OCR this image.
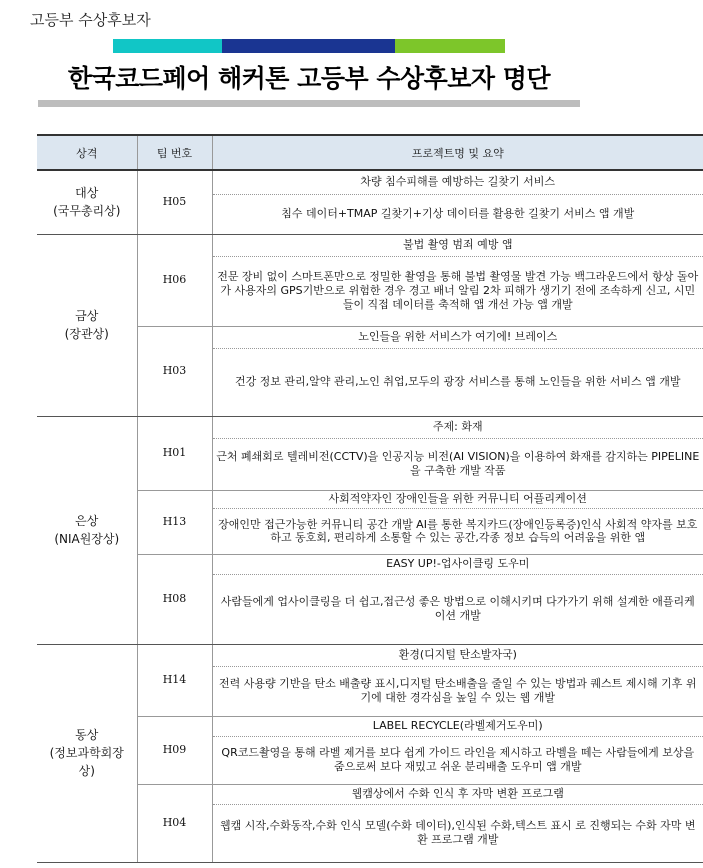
고등부 수상후보자
한국코드페어 해커톤 고등부 수상후보자 명단
상격	팀 번호	프로젝트명 및 요약

대상
(국무총리상)	H05	차량 침수피해를 예방하는 길찾기 서비스
		침수 데이터+TMAP 길찾기+기상 데이터를 활용한 길찾기 서비스 앱 개발

금상
(장관상)	H06	불법 촬영 범죄 예방 앱
		전문 장비 없이 스마트폰만으로 정밀한 촬영을 통해 불법 촬영물 발견 가능 백그라운드에서 항상 돌아가 사용자의 GPS기반으로 위험한 경우 경고 배너 알림 2차 피해가 생기기 전에 조속하게 신고, 시민들이 직접 데이터를 축적해 앱 개선 가능 앱 개발
	H03	노인들을 위한 서비스가 여기에! 브레이스
		건강 정보 관리,알약 관리,노인 취업,모두의 광장 서비스를 통해 노인들을 위한 서비스 앱 개발

은상
(NIA원장상)	H01	주제: 화재
		근처 폐쇄회로 텔레비전(CCTV)을 인공지능 비전(AI VISION)을 이용하여 화재를 감지하는 PIPELINE을 구축한 개발 작품
	H13	사회적약자인 장애인들을 위한 커뮤니티 어플리케이션
		장애인만 접근가능한 커뮤니티 공간 개발 AI를 통한 복지카드(장애인등록증)인식 사회적 약자를 보호하고 동호회, 편리하게 소통할 수 있는 공간,각종 정보 습득의 어려움을 위한 앱
	H08	EASY UP!-업사이클링 도우미
		사람들에게 업사이클링을 더 쉽고,접근성 좋은 방법으로 이해시키며 다가가기 위해 설계한 애플리케이션 개발

동상
(정보과학회장
상)	H14	환경(디지털 탄소발자국)
		전력 사용량 기반을 탄소 배출량 표시,디지털 탄소배출을 줄일 수 있는 방법과 퀘스트 제시해 기후 위기에 대한 경각심을 높일 수 있는 웹 개발
	H09	LABEL RECYCLE(라벨제거도우미)
		QR코드촬영을 통해 라벨 제거를 보다 쉽게 가이드 라인을 제시하고 라벨을 떼는 사람들에게 보상을 줌으로써 보다 재밌고 쉬운 분리배출 도우미 앱 개발
	H04	웹캠상에서 수화 인식 후 자막 변환 프로그램
		웹캠 시작,수화동작,수화 인식 모델(수화 데이터),인식된 수화,텍스트 표시 로 진행되는 수화 자막 변환 프로그램 개발
